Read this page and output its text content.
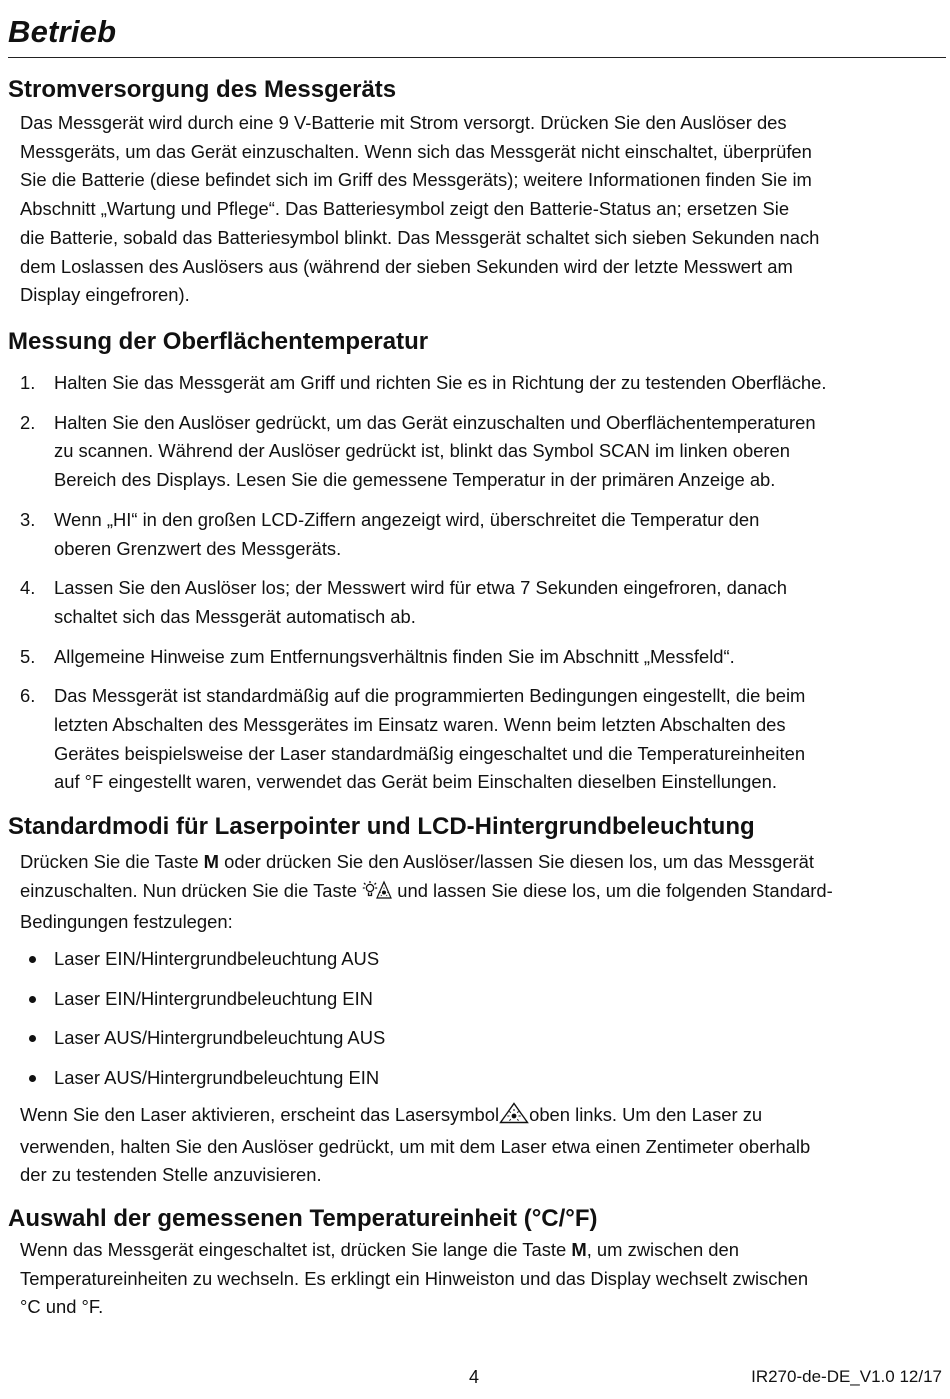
Betrieb
Stromversorgung des Messgeräts

Das Messgerät wird durch eine 9 V-Batterie mit Strom versorgt. Drücken Sie den Auslöser des

Messgeräts, um das Gerät einzuschalten. Wenn sich das Messgerät nicht einschaltet, überprüfen

Sie die Batterie (diese befindet sich im Griff des Messgeräts); weitere Informationen finden Sie im

Abschnitt „Wartung und Pflege“. Das Batteriesymbol zeigt den Batterie-Status an; ersetzen Sie

die Batterie, sobald das Batteriesymbol blinkt. Das Messgerät schaltet sich sieben Sekunden nach

dem Loslassen des Auslösers aus (während der sieben Sekunden wird der letzte Messwert am

Display eingefroren).

Messung der Oberflächentemperatur
1. Halten Sie das Messgerät am Griff und richten Sie es in Richtung der zu testenden Oberfläche.

2. Halten Sie den Auslöser gedrückt, um das Gerät einzuschalten und Oberflächentemperaturen

zu scannen. Während der Auslöser gedrückt ist, blinkt das Symbol SCAN im linken oberen

Bereich des Displays. Lesen Sie die gemessene Temperatur in der primären Anzeige ab.

3. Wenn „HI“ in den großen LCD-Ziffern angezeigt wird, überschreitet die Temperatur den

oberen Grenzwert des Messgeräts.

4. Lassen Sie den Auslöser los; der Messwert wird für etwa 7 Sekunden eingefroren, danach

schaltet sich das Messgerät automatisch ab.

5. Allgemeine Hinweise zum Entfernungsverhältnis finden Sie im Abschnitt „Messfeld“.

6. Das Messgerät ist standardmäßig auf die programmierten Bedingungen eingestellt, die beim

letzten Abschalten des Messgerätes im Einsatz waren. Wenn beim letzten Abschalten des

Gerätes beispielsweise der Laser standardmäßig eingeschaltet und die Temperatureinheiten

auf °F eingestellt waren, verwendet das Gerät beim Einschalten dieselben Einstellungen.

Standardmodi für Laserpointer und LCD-Hintergrundbeleuchtung

Drücken Sie die Taste M oder drücken Sie den Auslöser/lassen Sie diesen los, um das Messgerät

einzuschalten. Nun drücken Sie die Taste  und lassen Sie diese los, um die folgenden Standard-

Bedingungen festzulegen:

Laser EIN/Hintergrundbeleuchtung AUS
Laser EIN/Hintergrundbeleuchtung EIN
Laser AUS/Hintergrundbeleuchtung AUS
Laser AUS/Hintergrundbeleuchtung EIN

Wenn Sie den Laser aktivieren, erscheint das Lasersymbol oben links. Um den Laser zu

verwenden, halten Sie den Auslöser gedrückt, um mit dem Laser etwa einen Zentimeter oberhalb

der zu testenden Stelle anzuvisieren.

Auswahl der gemessenen Temperatureinheit (°C/°F)

Wenn das Messgerät eingeschaltet ist, drücken Sie lange die Taste M, um zwischen den

Temperatureinheiten zu wechseln. Es erklingt ein Hinweiston und das Display wechselt zwischen

°C und °F.

4	IR270-de-DE_V1.0 12/17
